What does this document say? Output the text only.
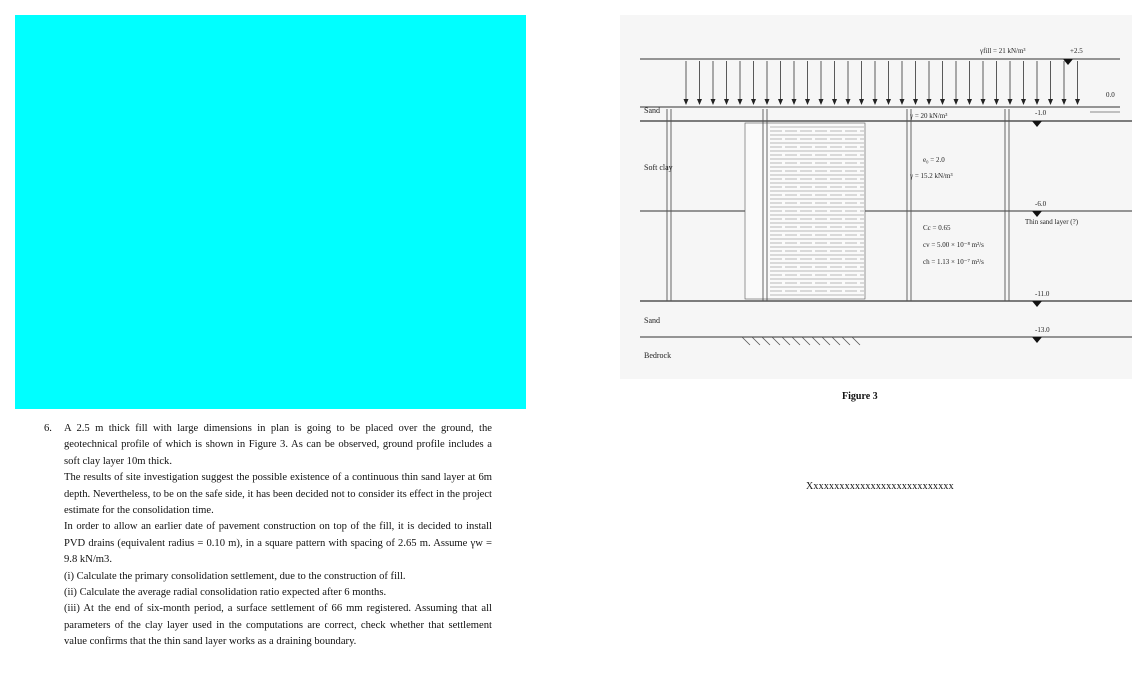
6. A 2.5 m thick fill with large dimensions in plan is going to be placed over the ground, the geotechnical profile of which is shown in Figure 3. As can be observed, ground profile includes a soft clay layer 10m thick.

The results of site investigation suggest the possible existence of a continuous thin sand layer at 6m depth. Nevertheless, to be on the safe side, it has been decided not to consider its effect in the project estimate for the consolidation time.

In order to allow an earlier date of pavement construction on top of the fill, it is decided to install PVD drains (equivalent radius = 0.10 m), in a square pattern with spacing of 2.65 m. Assume γw = 9.8 kN/m3.

(i) Calculate the primary consolidation settlement, due to the construction of fill.

(ii) Calculate the average radial consolidation ratio expected after 6 months.

(iii) At the end of six-month period, a surface settlement of 66 mm registered. Assuming that all parameters of the clay layer used in the computations are correct, check whether that settlement value confirms that the thin sand layer works as a draining boundary.

+2.5
0.0
-1.0
-6.0
-11.0
-13.0
γfill = 21 kN/m³
γ = 20 kN/m³
e₀ = 2.0
γ = 15.2 kN/m³
Cc = 0.65
cv = 5.00 × 10⁻⁸ m²/s
ch = 1.13 × 10⁻⁷ m²/s
Thin sand layer (?)
Sand
Soft clay
Sand
Bedrock
Figure 3
Xxxxxxxxxxxxxxxxxxxxxxxxxxxx
